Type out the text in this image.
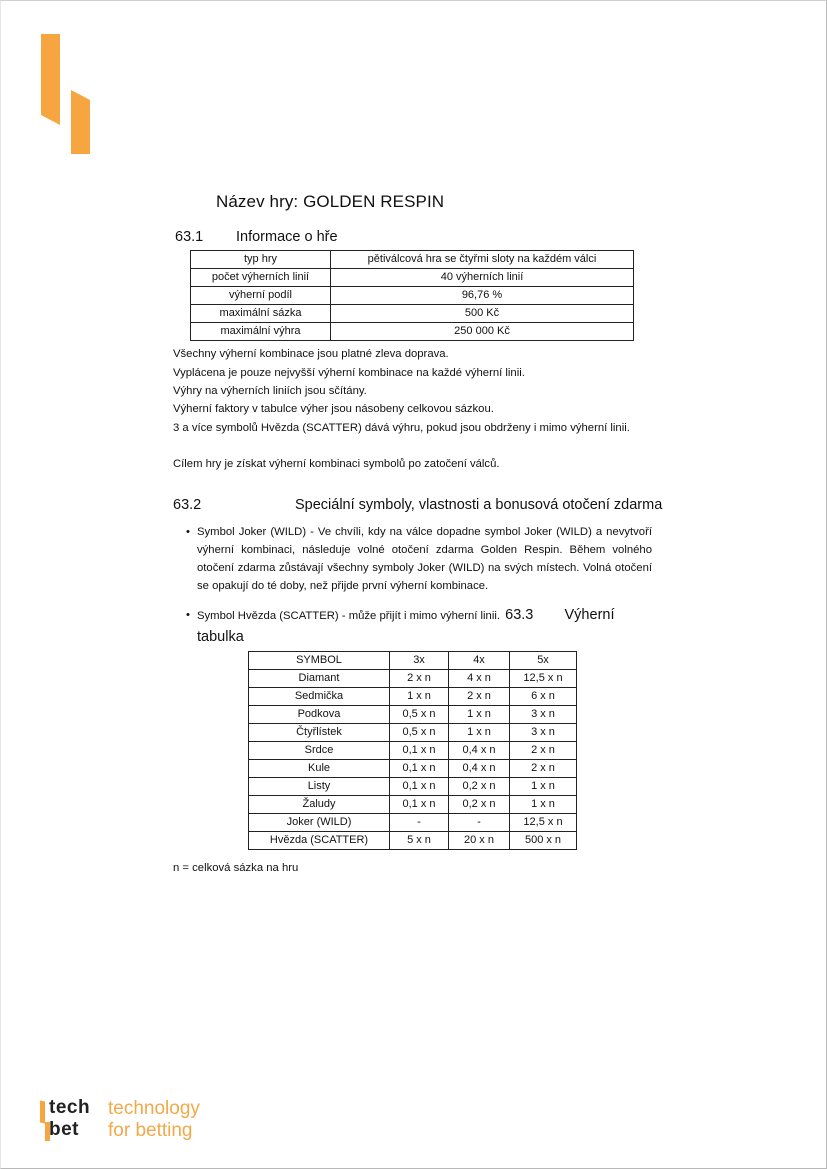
Název hry: GOLDEN RESPIN
63.1 Informace o hře
typ hry	pětiválcová hra se čtyřmi sloty na každém válci
počet výherních linií	40 výherních linií
výherní podíl	96,76 %
maximální sázka	500 Kč
maximální výhra	250 000 Kč
Všechny výherní kombinace jsou platné zleva doprava.
Vyplácena je pouze nejvyšší výherní kombinace na každé výherní linii.
Výhry na výherních liniích jsou sčítány.
Výherní faktory v tabulce výher jsou násobeny celkovou sázkou.
3 a více symbolů Hvězda (SCATTER) dává výhru, pokud jsou obdrženy i mimo výherní linii.
Cílem hry je získat výherní kombinaci symbolů po zatočení válců.
63.2	Speciální symboly, vlastnosti a bonusová otočení zdarma
• Symbol Joker (WILD) - Ve chvíli, kdy na válce dopadne symbol Joker (WILD) a nevytvoří výherní kombinaci, následuje volné otočení zdarma Golden Respin. Během volného otočení zdarma zůstávají všechny symboly Joker (WILD) na svých místech. Volná otočení se opakují do té doby, než přijde první výherní kombinace.
• Symbol Hvězda (SCATTER) - může přijít i mimo výherní linii. 63.3 Výherní
tabulka
SYMBOL	3x	4x	5x
Diamant	2 x n	4 x n	12,5 x n
Sedmička	1 x n	2 x n	6 x n
Podkova	0,5 x n	1 x n	3 x n
Čtyřlístek	0,5 x n	1 x n	3 x n
Srdce	0,1 x n	0,4 x n	2 x n
Kule	0,1 x n	0,4 x n	2 x n
Listy	0,1 x n	0,2 x n	1 x n
Žaludy	0,1 x n	0,2 x n	1 x n
Joker (WILD)	-	-	12,5 x n
Hvězda (SCATTER)	5 x n	20 x n	500 x n
n = celková sázka na hru
tech
bet
technology
for betting
